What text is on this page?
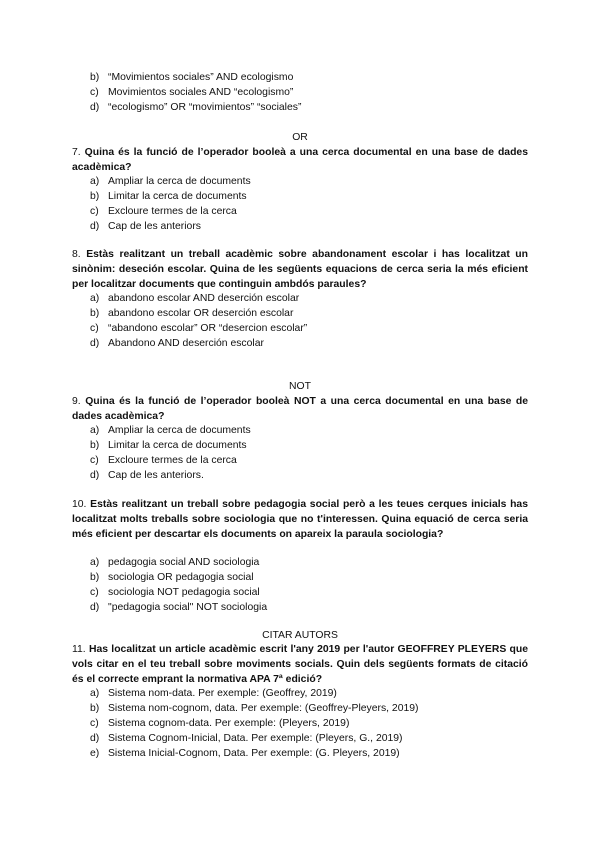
b) “Movimientos sociales” AND ecologismo
c) Movimientos sociales AND “ecologismo”
d) “ecologismo” OR “movimientos” “sociales”
OR
7. Quina és la funció de l’operador booleà a una cerca documental en una base de dades acadèmica?
a) Ampliar la cerca de documents
b) Limitar la cerca de documents
c) Excloure termes de la cerca
d) Cap de les anteriors
8. Estàs realitzant un treball acadèmic sobre abandonament escolar i has localitzat un sinònim: deseción escolar. Quina de les següents equacions de cerca seria la més eficient per localitzar documents que continguin ambdós paraules?
a) abandono escolar AND deserción escolar
b) abandono escolar OR deserción escolar
c) “abandono escolar” OR “desercion escolar”
d) Abandono AND deserción escolar
NOT
9. Quina és la funció de l’operador booleà NOT a una cerca documental en una base de dades acadèmica?
a) Ampliar la cerca de documents
b) Limitar la cerca de documents
c) Excloure termes de la cerca
d) Cap de les anteriors.
10. Estàs realitzant un treball sobre pedagogia social però a les teues cerques inicials has localitzat molts treballs sobre sociologia que no t'interessen. Quina equació de cerca seria més eficient per descartar els documents on apareix la paraula sociologia?
a) pedagogia social AND sociologia
b) sociologia OR pedagogia social
c) sociologia NOT pedagogia social
d) "pedagogia social" NOT sociologia
CITAR AUTORS
11. Has localitzat un article acadèmic escrit l'any 2019 per l'autor GEOFFREY PLEYERS que vols citar en el teu treball sobre moviments socials. Quin dels següents formats de citació és el correcte emprant la normativa APA 7ª edició?
a) Sistema nom-data. Per exemple: (Geoffrey, 2019)
b) Sistema nom-cognom, data. Per exemple: (Geoffrey-Pleyers, 2019)
c) Sistema cognom-data. Per exemple: (Pleyers, 2019)
d) Sistema Cognom-Inicial, Data. Per exemple: (Pleyers, G., 2019)
e) Sistema Inicial-Cognom, Data. Per exemple: (G. Pleyers, 2019)
